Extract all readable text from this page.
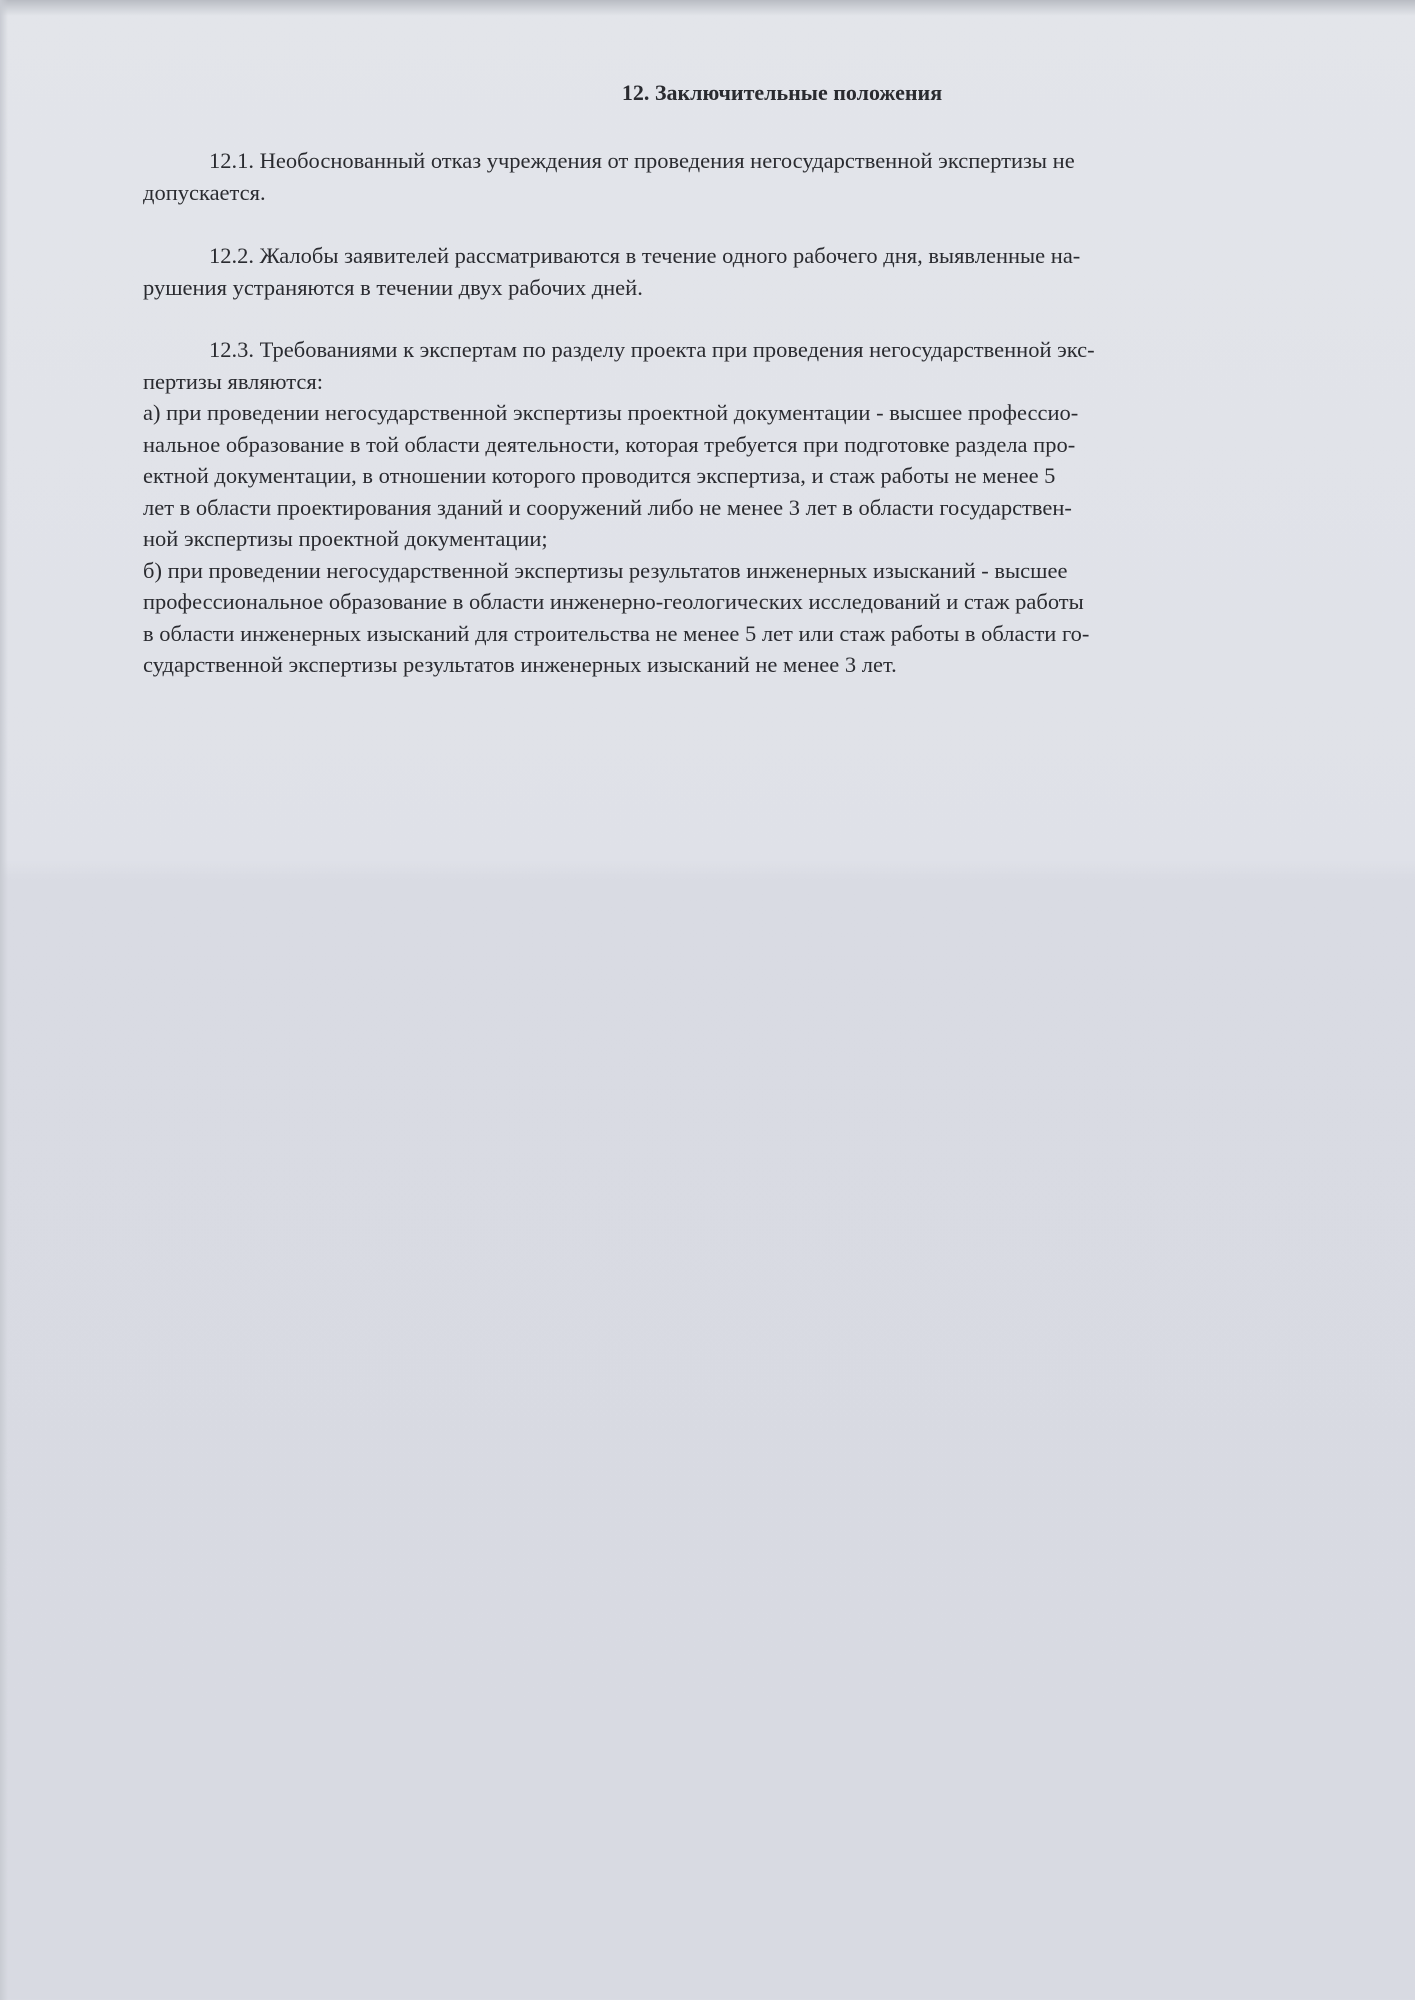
12. Заключительные положения
12.1. Необоснованный отказ учреждения от проведения негосударственной экспертизы не
допускается.
12.2. Жалобы заявителей рассматриваются в течение одного рабочего дня, выявленные на-
рушения устраняются в течении двух рабочих дней.
12.3. Требованиями к экспертам по разделу проекта при проведения негосударственной экс-
пертизы являются:
а) при проведении негосударственной экспертизы проектной документации - высшее профессио-
нальное образование в той области деятельности, которая требуется при подготовке раздела про-
ектной документации, в отношении которого проводится экспертиза, и стаж работы не менее 5
лет в области проектирования зданий и сооружений либо не менее 3 лет в области государствен-
ной экспертизы проектной документации;
б) при проведении негосударственной экспертизы результатов инженерных изысканий - высшее
профессиональное образование в области инженерно-геологических исследований и стаж работы
в области инженерных изысканий для строительства не менее 5 лет или стаж работы в области го-
сударственной экспертизы результатов инженерных изысканий не менее 3 лет.
